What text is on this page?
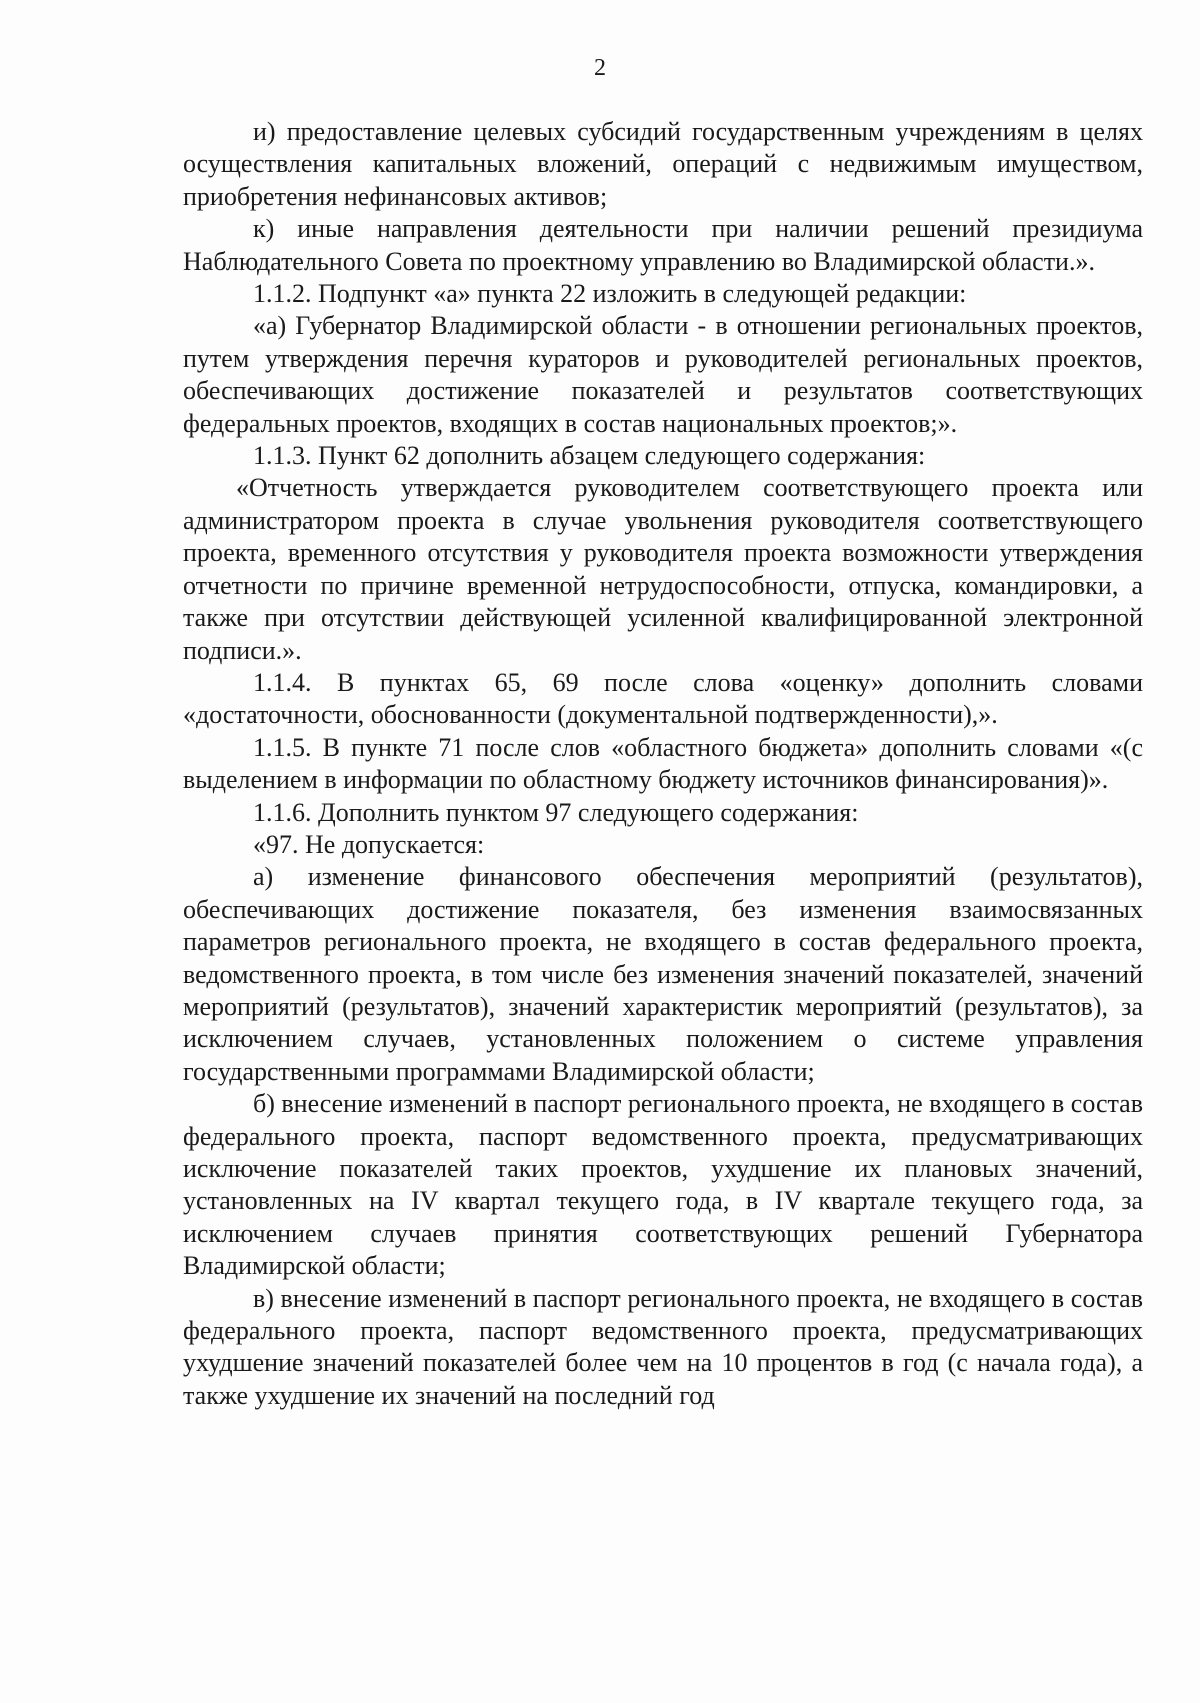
2

и) предоставление целевых субсидий государственным учреждениям в целях осуществления капитальных вложений, операций с недвижимым имуществом, приобретения нефинансовых активов;

к) иные направления деятельности при наличии решений президиума Наблюдательного Совета по проектному управлению во Владимирской области.».

1.1.2. Подпункт «а» пункта 22 изложить в следующей редакции:

«а) Губернатор Владимирской области - в отношении региональных проектов, путем утверждения перечня кураторов и руководителей региональных проектов, обеспечивающих достижение показателей и результатов соответствующих федеральных проектов, входящих в состав национальных проектов;».

1.1.3. Пункт 62 дополнить абзацем следующего содержания:

«Отчетность утверждается руководителем соответствующего проекта или администратором проекта в случае увольнения руководителя соответствующего проекта, временного отсутствия у руководителя проекта возможности утверждения отчетности по причине временной нетрудоспособности, отпуска, командировки, а также при отсутствии действующей усиленной квалифицированной электронной подписи.».

1.1.4. В пунктах 65, 69 после слова «оценку» дополнить словами «достаточности, обоснованности (документальной подтвержденности),».

1.1.5. В пункте 71 после слов «областного бюджета» дополнить словами «(с выделением в информации по областному бюджету источников финансирования)».

1.1.6. Дополнить пунктом 97 следующего содержания:

«97. Не допускается:

а) изменение финансового обеспечения мероприятий (результатов), обеспечивающих достижение показателя, без изменения взаимосвязанных параметров регионального проекта, не входящего в состав федерального проекта, ведомственного проекта, в том числе без изменения значений показателей, значений мероприятий (результатов), значений характеристик мероприятий (результатов), за исключением случаев, установленных положением о системе управления государственными программами Владимирской области;

б) внесение изменений в паспорт регионального проекта, не входящего в состав федерального проекта, паспорт ведомственного проекта, предусматривающих исключение показателей таких проектов, ухудшение их плановых значений, установленных на IV квартал текущего года, в IV квартале текущего года, за исключением случаев принятия соответствующих решений Губернатора Владимирской области;

в) внесение изменений в паспорт регионального проекта, не входящего в состав федерального проекта, паспорт ведомственного проекта, предусматривающих ухудшение значений показателей более чем на 10 процентов в год (с начала года), а также ухудшение их значений на последний год
